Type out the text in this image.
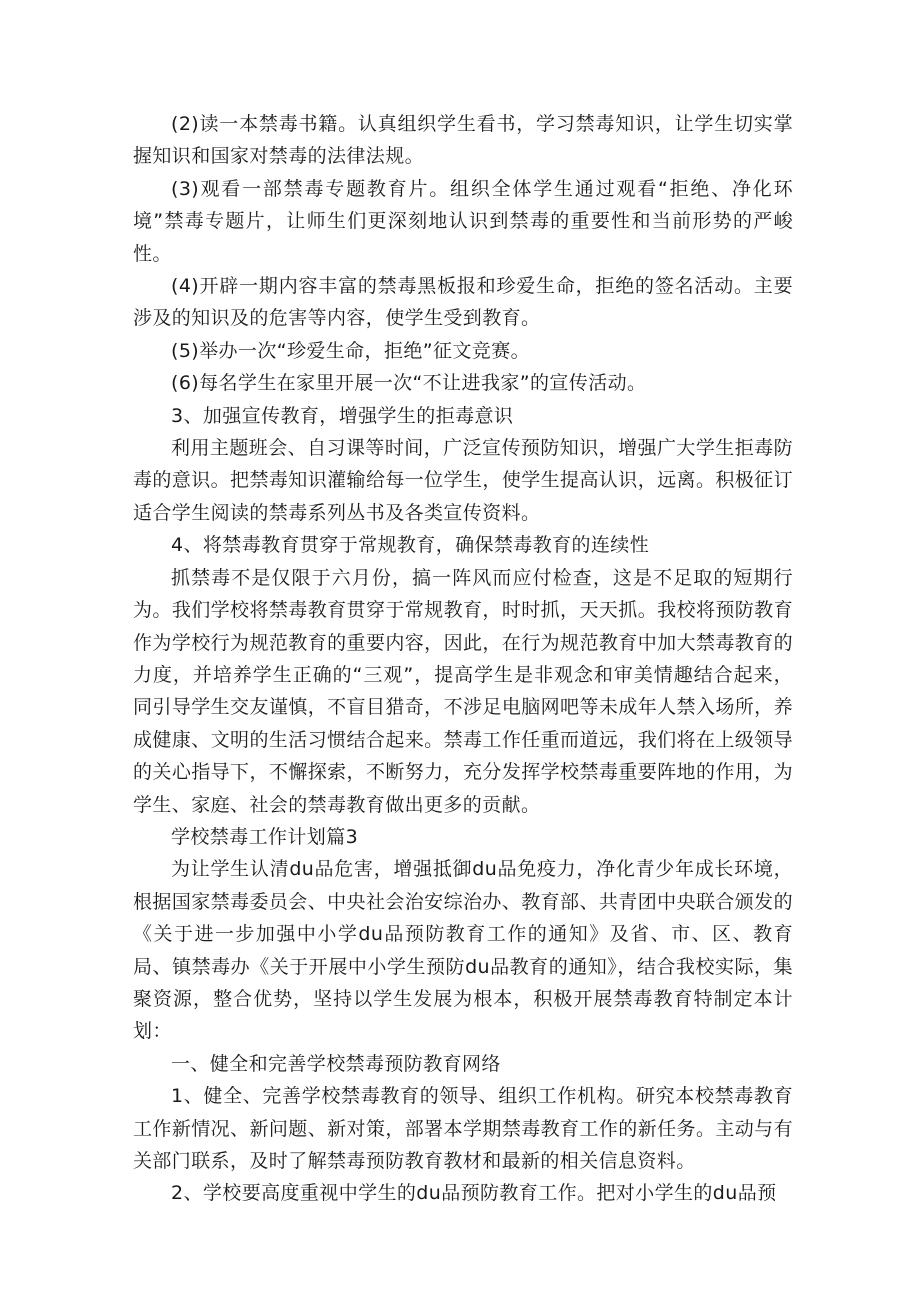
(2)读一本禁毒书籍。认真组织学生看书，学习禁毒知识，让学生切实掌握知识和国家对禁毒的法律法规。

(3)观看一部禁毒专题教育片。组织全体学生通过观看“拒绝、净化环境”禁毒专题片，让师生们更深刻地认识到禁毒的重要性和当前形势的严峻性。

(4)开辟一期内容丰富的禁毒黑板报和珍爱生命，拒绝的签名活动。主要涉及的知识及的危害等内容，使学生受到教育。

(5)举办一次“珍爱生命，拒绝”征文竞赛。

(6)每名学生在家里开展一次“不让进我家”的宣传活动。

3、加强宣传教育，增强学生的拒毒意识

利用主题班会、自习课等时间，广泛宣传预防知识，增强广大学生拒毒防毒的意识。把禁毒知识灌输给每一位学生，使学生提高认识，远离。积极征订适合学生阅读的禁毒系列丛书及各类宣传资料。

4、将禁毒教育贯穿于常规教育，确保禁毒教育的连续性

抓禁毒不是仅限于六月份，搞一阵风而应付检查，这是不足取的短期行为。我们学校将禁毒教育贯穿于常规教育，时时抓，天天抓。我校将预防教育作为学校行为规范教育的重要内容，因此，在行为规范教育中加大禁毒教育的力度，并培养学生正确的“三观”，提高学生是非观念和审美情趣结合起来，同引导学生交友谨慎，不盲目猎奇，不涉足电脑网吧等未成年人禁入场所，养成健康、文明的生活习惯结合起来。禁毒工作任重而道远，我们将在上级领导的关心指导下，不懈探索，不断努力，充分发挥学校禁毒重要阵地的作用，为学生、家庭、社会的禁毒教育做出更多的贡献。

学校禁毒工作计划篇3

为让学生认清du品危害，增强抵御du品免疫力，净化青少年成长环境，根据国家禁毒委员会、中央社会治安综治办、教育部、共青团中央联合颁发的《关于进一步加强中小学du品预防教育工作的通知》及省、市、区、教育局、镇禁毒办《关于开展中小学生预防du品教育的通知》，结合我校实际，集聚资源，整合优势，坚持以学生发展为根本，积极开展禁毒教育特制定本计划：

一、健全和完善学校禁毒预防教育网络

1、健全、完善学校禁毒教育的领导、组织工作机构。研究本校禁毒教育工作新情况、新问题、新对策，部署本学期禁毒教育工作的新任务。主动与有关部门联系，及时了解禁毒预防教育教材和最新的相关信息资料。

2、学校要高度重视中学生的du品预防教育工作。把对小学生的du品预
